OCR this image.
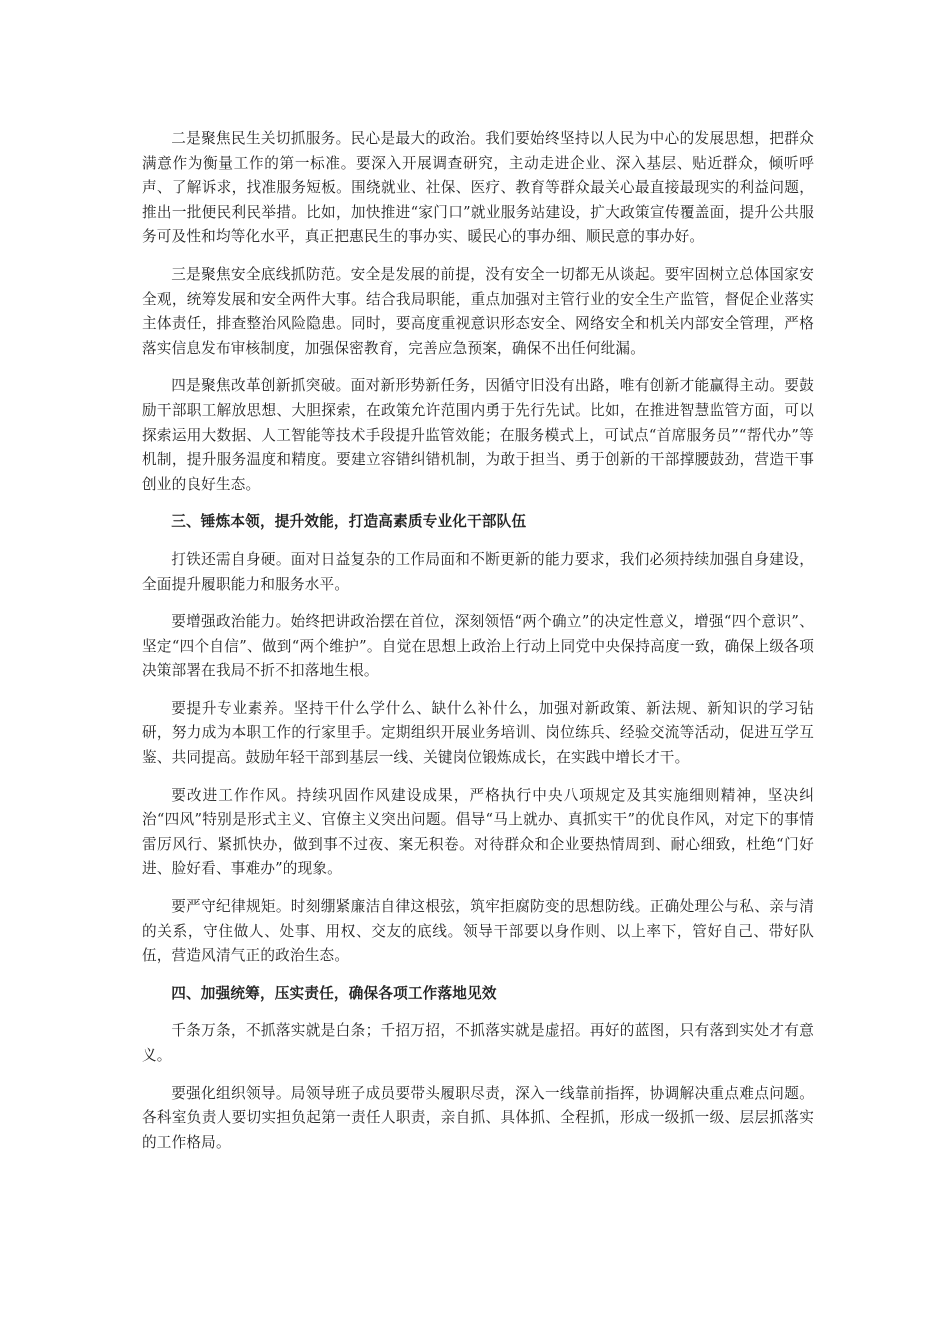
二是聚焦民生关切抓服务。民心是最大的政治。我们要始终坚持以人民为中心的发展思想，把群众满意作为衡量工作的第一标准。要深入开展调查研究，主动走进企业、深入基层、贴近群众，倾听呼声、了解诉求，找准服务短板。围绕就业、社保、医疗、教育等群众最关心最直接最现实的利益问题，推出一批便民利民举措。比如，加快推进“家门口”就业服务站建设，扩大政策宣传覆盖面，提升公共服务可及性和均等化水平，真正把惠民生的事办实、暖民心的事办细、顺民意的事办好。

三是聚焦安全底线抓防范。安全是发展的前提，没有安全一切都无从谈起。要牢固树立总体国家安全观，统筹发展和安全两件大事。结合我局职能，重点加强对主管行业的安全生产监管，督促企业落实主体责任，排查整治风险隐患。同时，要高度重视意识形态安全、网络安全和机关内部安全管理，严格落实信息发布审核制度，加强保密教育，完善应急预案，确保不出任何纰漏。

四是聚焦改革创新抓突破。面对新形势新任务，因循守旧没有出路，唯有创新才能赢得主动。要鼓励干部职工解放思想、大胆探索，在政策允许范围内勇于先行先试。比如，在推进智慧监管方面，可以探索运用大数据、人工智能等技术手段提升监管效能；在服务模式上，可试点“首席服务员”“帮代办”等机制，提升服务温度和精度。要建立容错纠错机制，为敢于担当、勇于创新的干部撑腰鼓劲，营造干事创业的良好生态。

三、锤炼本领，提升效能，打造高素质专业化干部队伍

打铁还需自身硬。面对日益复杂的工作局面和不断更新的能力要求，我们必须持续加强自身建设，全面提升履职能力和服务水平。

要增强政治能力。始终把讲政治摆在首位，深刻领悟“两个确立”的决定性意义，增强“四个意识”、坚定“四个自信”、做到“两个维护”。自觉在思想上政治上行动上同党中央保持高度一致，确保上级各项决策部署在我局不折不扣落地生根。

要提升专业素养。坚持干什么学什么、缺什么补什么，加强对新政策、新法规、新知识的学习钻研，努力成为本职工作的行家里手。定期组织开展业务培训、岗位练兵、经验交流等活动，促进互学互鉴、共同提高。鼓励年轻干部到基层一线、关键岗位锻炼成长，在实践中增长才干。

要改进工作作风。持续巩固作风建设成果，严格执行中央八项规定及其实施细则精神，坚决纠治“四风”特别是形式主义、官僚主义突出问题。倡导“马上就办、真抓实干”的优良作风，对定下的事情雷厉风行、紧抓快办，做到事不过夜、案无积卷。对待群众和企业要热情周到、耐心细致，杜绝“门好进、脸好看、事难办”的现象。

要严守纪律规矩。时刻绷紧廉洁自律这根弦，筑牢拒腐防变的思想防线。正确处理公与私、亲与清的关系，守住做人、处事、用权、交友的底线。领导干部要以身作则、以上率下，管好自己、带好队伍，营造风清气正的政治生态。

四、加强统筹，压实责任，确保各项工作落地见效

千条万条，不抓落实就是白条；千招万招，不抓落实就是虚招。再好的蓝图，只有落到实处才有意义。

要强化组织领导。局领导班子成员要带头履职尽责，深入一线靠前指挥，协调解决重点难点问题。各科室负责人要切实担负起第一责任人职责，亲自抓、具体抓、全程抓，形成一级抓一级、层层抓落实的工作格局。
